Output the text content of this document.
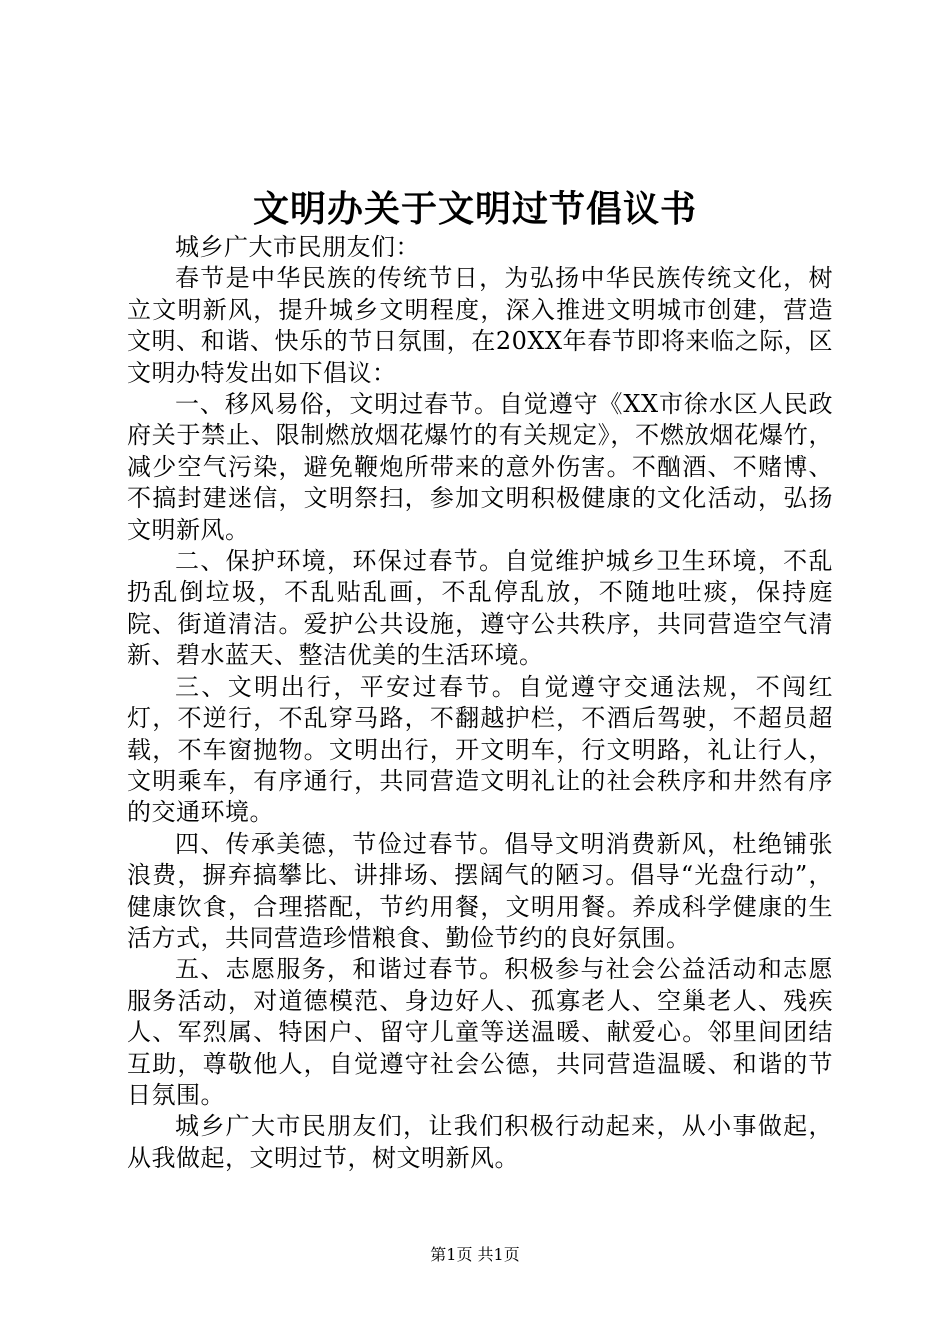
文明办关于文明过节倡议书

城乡广大市民朋友们：

春节是中华民族的传统节日，为弘扬中华民族传统文化，树立文明新风，提升城乡文明程度，深入推进文明城市创建，营造文明、和谐、快乐的节日氛围，在20XX年春节即将来临之际，区文明办特发出如下倡议：

一、移风易俗，文明过春节。自觉遵守《XX市徐水区人民政府关于禁止、限制燃放烟花爆竹的有关规定》，不燃放烟花爆竹，减少空气污染，避免鞭炮所带来的意外伤害。不酗酒、不赌博、不搞封建迷信，文明祭扫，参加文明积极健康的文化活动，弘扬文明新风。

二、保护环境，环保过春节。自觉维护城乡卫生环境，不乱扔乱倒垃圾，不乱贴乱画，不乱停乱放，不随地吐痰，保持庭院、街道清洁。爱护公共设施，遵守公共秩序，共同营造空气清新、碧水蓝天、整洁优美的生活环境。

三、文明出行，平安过春节。自觉遵守交通法规，不闯红灯，不逆行，不乱穿马路，不翻越护栏，不酒后驾驶，不超员超载，不车窗抛物。文明出行，开文明车，行文明路，礼让行人，文明乘车，有序通行，共同营造文明礼让的社会秩序和井然有序的交通环境。

四、传承美德，节俭过春节。倡导文明消费新风，杜绝铺张浪费，摒弃搞攀比、讲排场、摆阔气的陋习。倡导“光盘行动”，健康饮食，合理搭配，节约用餐，文明用餐。养成科学健康的生活方式，共同营造珍惜粮食、勤俭节约的良好氛围。

五、志愿服务，和谐过春节。积极参与社会公益活动和志愿服务活动，对道德模范、身边好人、孤寡老人、空巢老人、残疾人、军烈属、特困户、留守儿童等送温暖、献爱心。邻里间团结互助，尊敬他人，自觉遵守社会公德，共同营造温暖、和谐的节日氛围。

城乡广大市民朋友们，让我们积极行动起来，从小事做起，从我做起，文明过节，树文明新风。

第1页 共1页
